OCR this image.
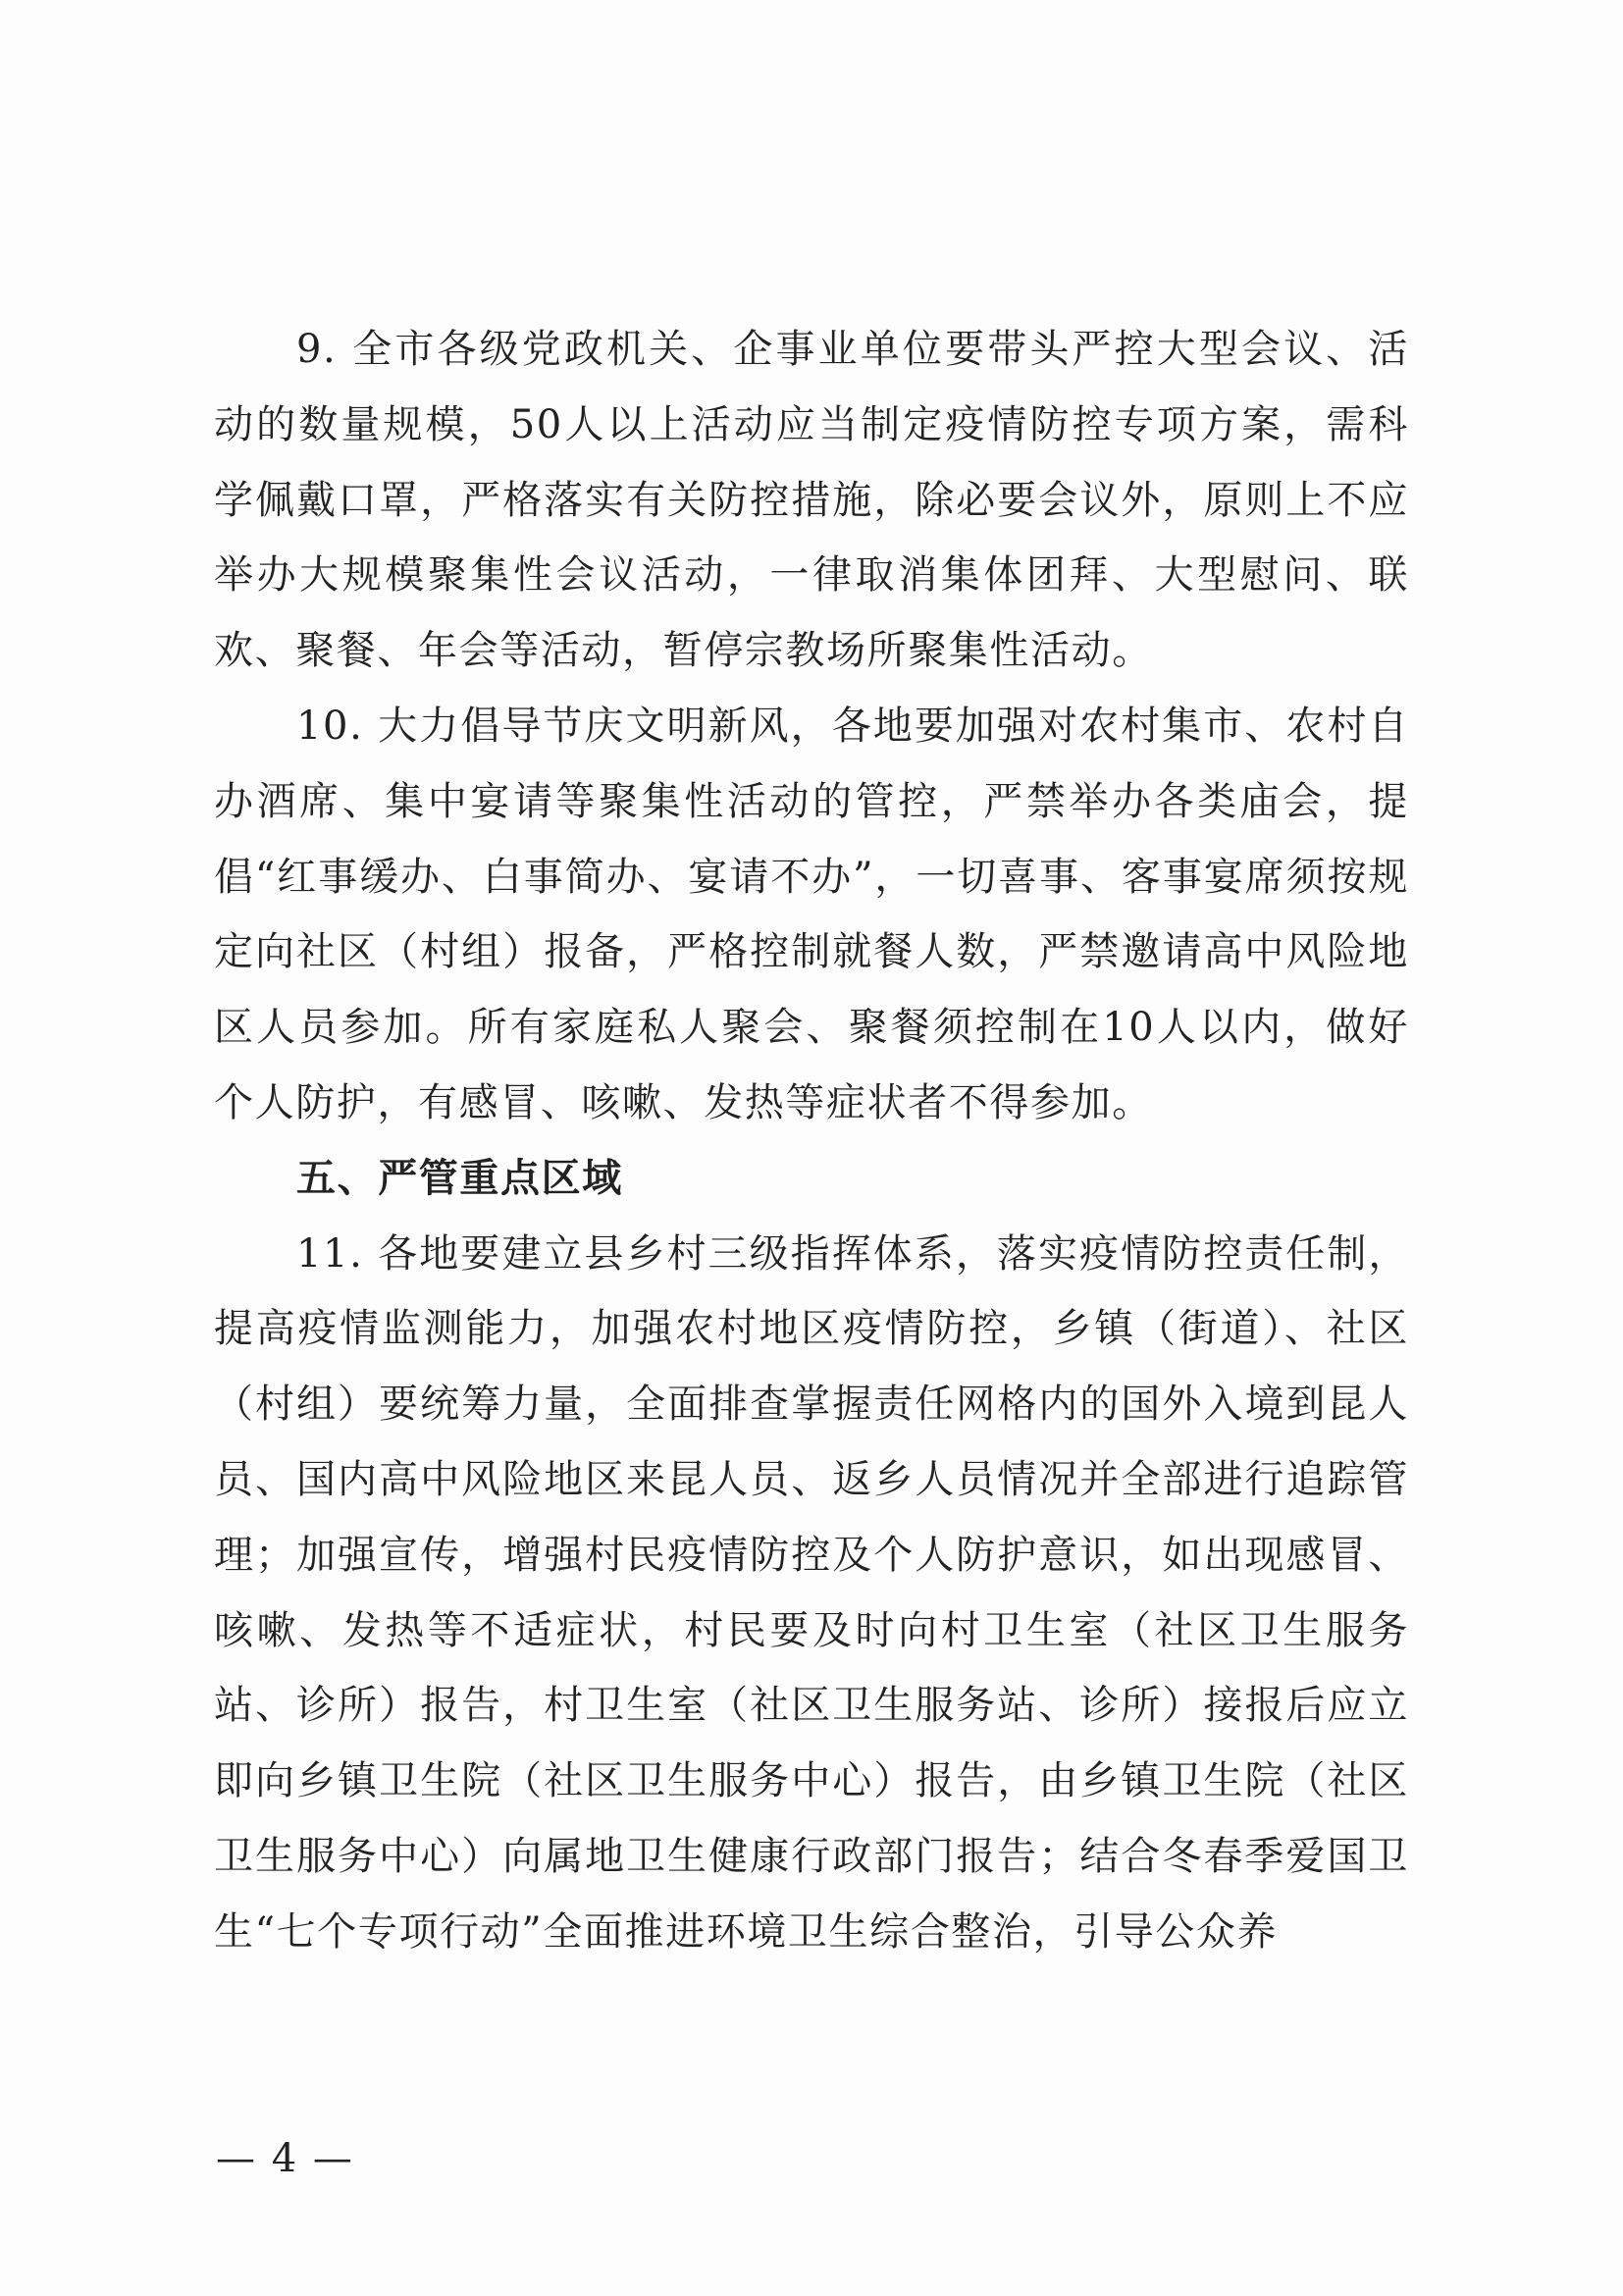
9. 全市各级党政机关、企事业单位要带头严控大型会议、活动的数量规模，50人以上活动应当制定疫情防控专项方案，需科学佩戴口罩，严格落实有关防控措施，除必要会议外，原则上不应举办大规模聚集性会议活动，一律取消集体团拜、大型慰问、联欢、聚餐、年会等活动，暂停宗教场所聚集性活动。

10. 大力倡导节庆文明新风，各地要加强对农村集市、农村自办酒席、集中宴请等聚集性活动的管控，严禁举办各类庙会，提倡“红事缓办、白事简办、宴请不办”，一切喜事、客事宴席须按规定向社区（村组）报备，严格控制就餐人数，严禁邀请高中风险地区人员参加。所有家庭私人聚会、聚餐须控制在10人以内，做好个人防护，有感冒、咳嗽、发热等症状者不得参加。

五、严管重点区域

11. 各地要建立县乡村三级指挥体系，落实疫情防控责任制，提高疫情监测能力，加强农村地区疫情防控，乡镇（街道）、社区（村组）要统筹力量，全面排查掌握责任网格内的国外入境到昆人员、国内高中风险地区来昆人员、返乡人员情况并全部进行追踪管理；加强宣传，增强村民疫情防控及个人防护意识，如出现感冒、咳嗽、发热等不适症状，村民要及时向村卫生室（社区卫生服务站、诊所）报告，村卫生室（社区卫生服务站、诊所）接报后应立即向乡镇卫生院（社区卫生服务中心）报告，由乡镇卫生院（社区卫生服务中心）向属地卫生健康行政部门报告；结合冬春季爱国卫生“七个专项行动”全面推进环境卫生综合整治，引导公众养

— 4 —
